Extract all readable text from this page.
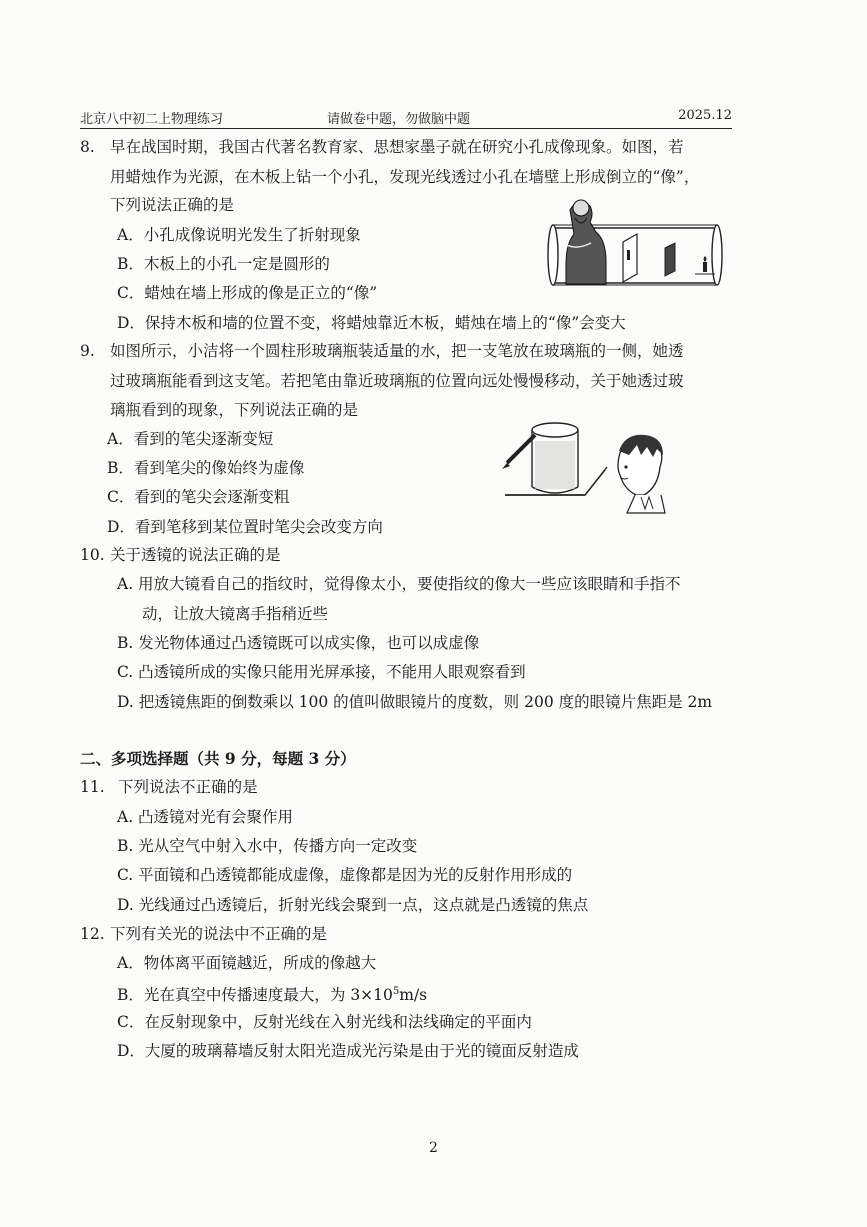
北京八中初二上物理练习	请做卷中题，勿做脑中题	2025.12
8. 早在战国时期，我国古代著名教育家、思想家墨子就在研究小孔成像现象。如图，若
用蜡烛作为光源，在木板上钻一个小孔，发现光线透过小孔在墙壁上形成倒立的“像”，
下列说法正确的是
A．小孔成像说明光发生了折射现象
B．木板上的小孔一定是圆形的
C．蜡烛在墙上形成的像是正立的“像”
D．保持木板和墙的位置不变，将蜡烛靠近木板，蜡烛在墙上的“像”会变大
9. 如图所示，小洁将一个圆柱形玻璃瓶装适量的水，把一支笔放在玻璃瓶的一侧，她透
过玻璃瓶能看到这支笔。若把笔由靠近玻璃瓶的位置向远处慢慢移动，关于她透过玻
璃瓶看到的现象，下列说法正确的是
A．看到的笔尖逐渐变短
B．看到笔尖的像始终为虚像
C．看到的笔尖会逐渐变粗
D．看到笔移到某位置时笔尖会改变方向
10. 关于透镜的说法正确的是
A. 用放大镜看自己的指纹时，觉得像太小，要使指纹的像大一些应该眼睛和手指不
动，让放大镜离手指稍近些
B. 发光物体通过凸透镜既可以成实像，也可以成虚像
C. 凸透镜所成的实像只能用光屏承接，不能用人眼观察看到
D. 把透镜焦距的倒数乘以 100 的值叫做眼镜片的度数，则 200 度的眼镜片焦距是 2m
二、多项选择题（共 9 分，每题 3 分）
11. 下列说法不正确的是
A. 凸透镜对光有会聚作用
B. 光从空气中射入水中，传播方向一定改变
C. 平面镜和凸透镜都能成虚像，虚像都是因为光的反射作用形成的
D. 光线通过凸透镜后，折射光线会聚到一点，这点就是凸透镜的焦点
12. 下列有关光的说法中不正确的是
A．物体离平面镜越近，所成的像越大
B．光在真空中传播速度最大，为 $3\times 10^5m/s$
C．在反射现象中，反射光线在入射光线和法线确定的平面内
D．大厦的玻璃幕墙反射太阳光造成光污染是由于光的镜面反射造成
2
